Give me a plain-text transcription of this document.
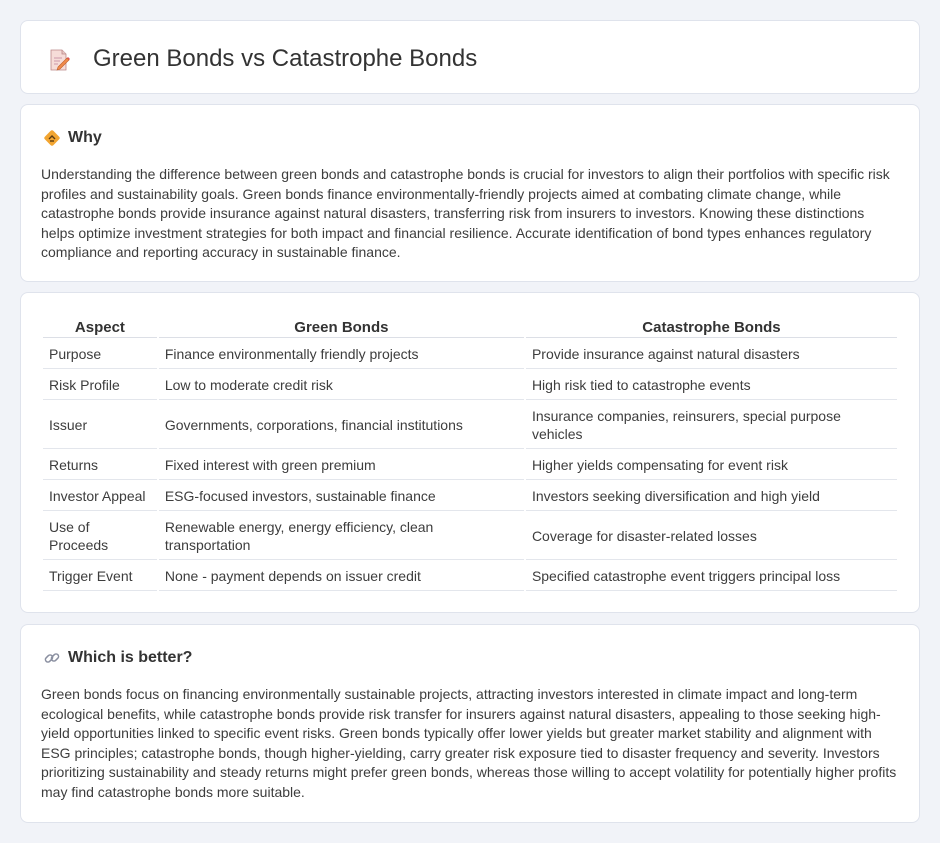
Green Bonds vs Catastrophe Bonds
Why

Understanding the difference between green bonds and catastrophe bonds is crucial for investors to align their portfolios with specific risk profiles and sustainability goals. Green bonds finance environmentally-friendly projects aimed at combating climate change, while catastrophe bonds provide insurance against natural disasters, transferring risk from insurers to investors. Knowing these distinctions helps optimize investment strategies for both impact and financial resilience. Accurate identification of bond types enhances regulatory compliance and reporting accuracy in sustainable finance.

Aspect	Green Bonds	Catastrophe Bonds
Purpose	Finance environmentally friendly projects	Provide insurance against natural disasters
Risk Profile	Low to moderate credit risk	High risk tied to catastrophe events
Issuer	Governments, corporations, financial institutions	Insurance companies, reinsurers, special purpose vehicles
Returns	Fixed interest with green premium	Higher yields compensating for event risk
Investor Appeal	ESG-focused investors, sustainable finance	Investors seeking diversification and high yield
Use of Proceeds	Renewable energy, energy efficiency, clean transportation	Coverage for disaster-related losses
Trigger Event	None - payment depends on issuer credit	Specified catastrophe event triggers principal loss
Which is better?

Green bonds focus on financing environmentally sustainable projects, attracting investors interested in climate impact and long-term ecological benefits, while catastrophe bonds provide risk transfer for insurers against natural disasters, appealing to those seeking high-yield opportunities linked to specific event risks. Green bonds typically offer lower yields but greater market stability and alignment with ESG principles; catastrophe bonds, though higher-yielding, carry greater risk exposure tied to disaster frequency and severity. Investors prioritizing sustainability and steady returns might prefer green bonds, whereas those willing to accept volatility for potentially higher profits may find catastrophe bonds more suitable.
